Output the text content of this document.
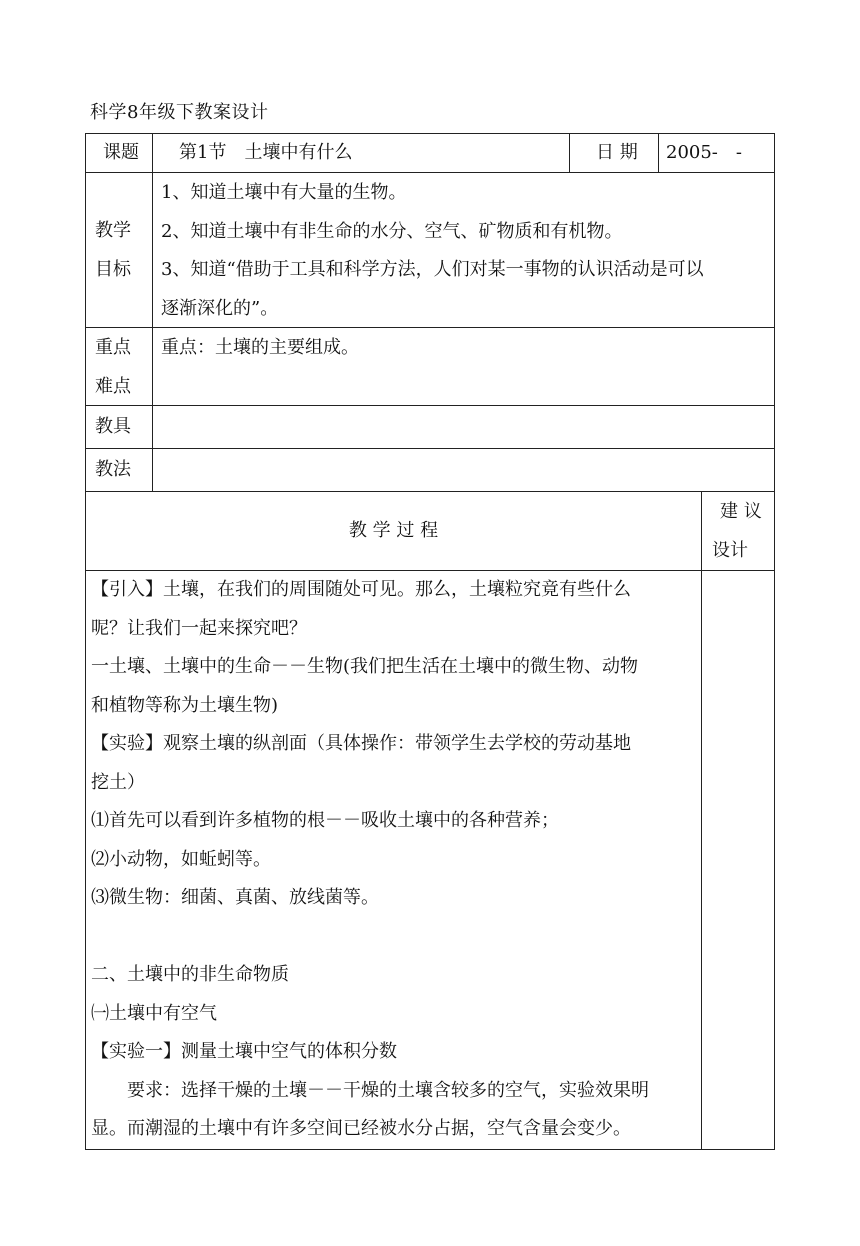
科学8年级下教案设计
课题 第1节　土壤中有什么	日 期 2005-　-
教学
目标
1、知道土壤中有大量的生物。
2、知道土壤中有非生命的水分、空气、矿物质和有机物。
3、知道“借助于工具和科学方法，人们对某一事物的认识活动是可以
逐渐深化的”。
重点
难点
重点：土壤的主要组成。
教具
教法
教 学 过 程
建 议
设计
【引入】土壤，在我们的周围随处可见。那么，土壤粒究竟有些什么
呢？让我们一起来探究吧？
一土壤、土壤中的生命－－生物(我们把生活在土壤中的微生物、动物
和植物等称为土壤生物)
【实验】观察土壤的纵剖面（具体操作：带领学生去学校的劳动基地
挖土）
⑴首先可以看到许多植物的根－－吸收土壤中的各种营养；
⑵小动物，如蚯蚓等。
⑶微生物：细菌、真菌、放线菌等。
二、土壤中的非生命物质
㈠土壤中有空气
【实验一】测量土壤中空气的体积分数
　　要求：选择干燥的土壤－－干燥的土壤含较多的空气，实验效果明
显。而潮湿的土壤中有许多空间已经被水分占据，空气含量会变少。
